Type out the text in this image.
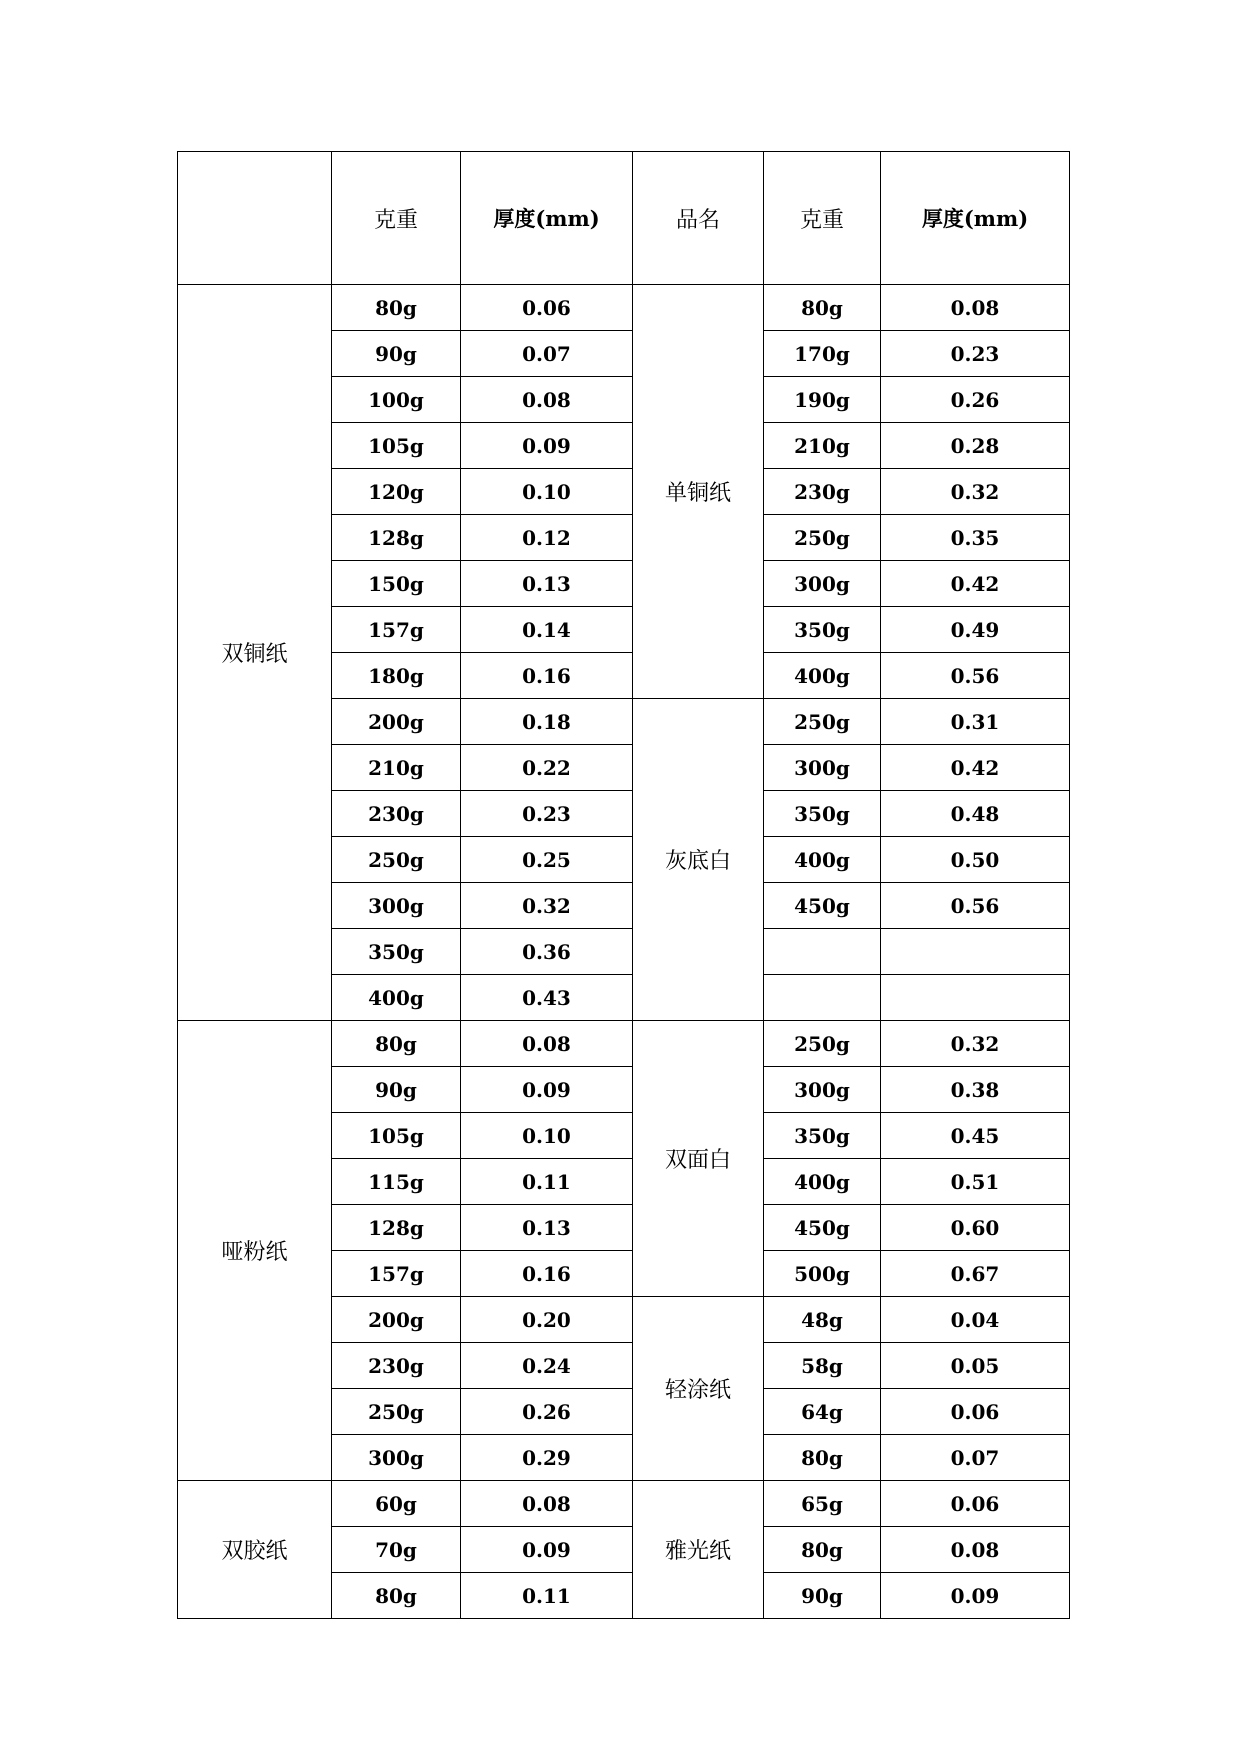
	克重	厚度(mm)	品名	克重	厚度(mm)
双铜纸	80g	0.06	单铜纸	80g	0.08
	90g	0.07		170g	0.23
	100g	0.08		190g	0.26
	105g	0.09		210g	0.28
	120g	0.10		230g	0.32
	128g	0.12		250g	0.35
	150g	0.13		300g	0.42
	157g	0.14		350g	0.49
	180g	0.16		400g	0.56
	200g	0.18	灰底白	250g	0.31
	210g	0.22		300g	0.42
	230g	0.23		350g	0.48
	250g	0.25		400g	0.50
	300g	0.32		450g	0.56
	350g	0.36			
	400g	0.43			
哑粉纸	80g	0.08	双面白	250g	0.32
	90g	0.09		300g	0.38
	105g	0.10		350g	0.45
	115g	0.11		400g	0.51
	128g	0.13		450g	0.60
	157g	0.16		500g	0.67
	200g	0.20	轻涂纸	48g	0.04
	230g	0.24		58g	0.05
	250g	0.26		64g	0.06
	300g	0.29		80g	0.07
双胶纸	60g	0.08	雅光纸	65g	0.06
	70g	0.09		80g	0.08
	80g	0.11		90g	0.09
